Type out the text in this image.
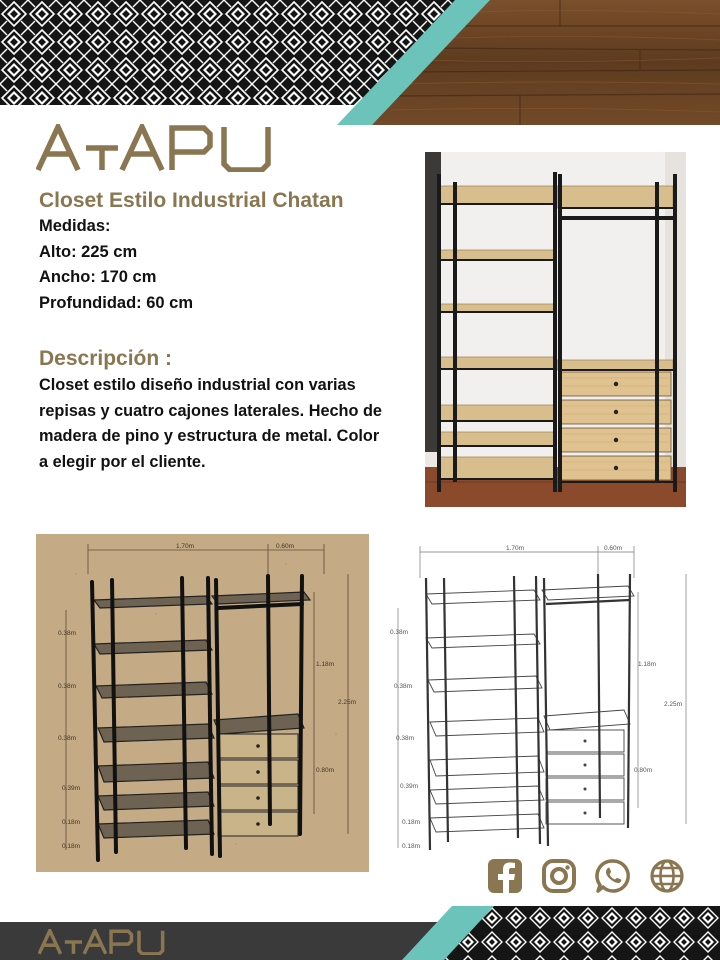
Closet Estilo Industrial Chatan
Medidas:
Alto: 225 cm
Ancho: 170 cm
Profundidad: 60 cm
Descripción :
Closet estilo diseño industrial con varias
repisas y cuatro cajones laterales. Hecho de
madera de pino y estructura de metal. Color
a elegir por el cliente.
1.70m	0.60m
0.38m
0.38m
0.38m
0.39m
0.18m
0.18m
1.18m
0.80m
2.25m
1.70m	0.60m
0.38m
0.38m
0.38m
0.39m
0.18m
0.18m
1.18m
0.80m
2.25m
